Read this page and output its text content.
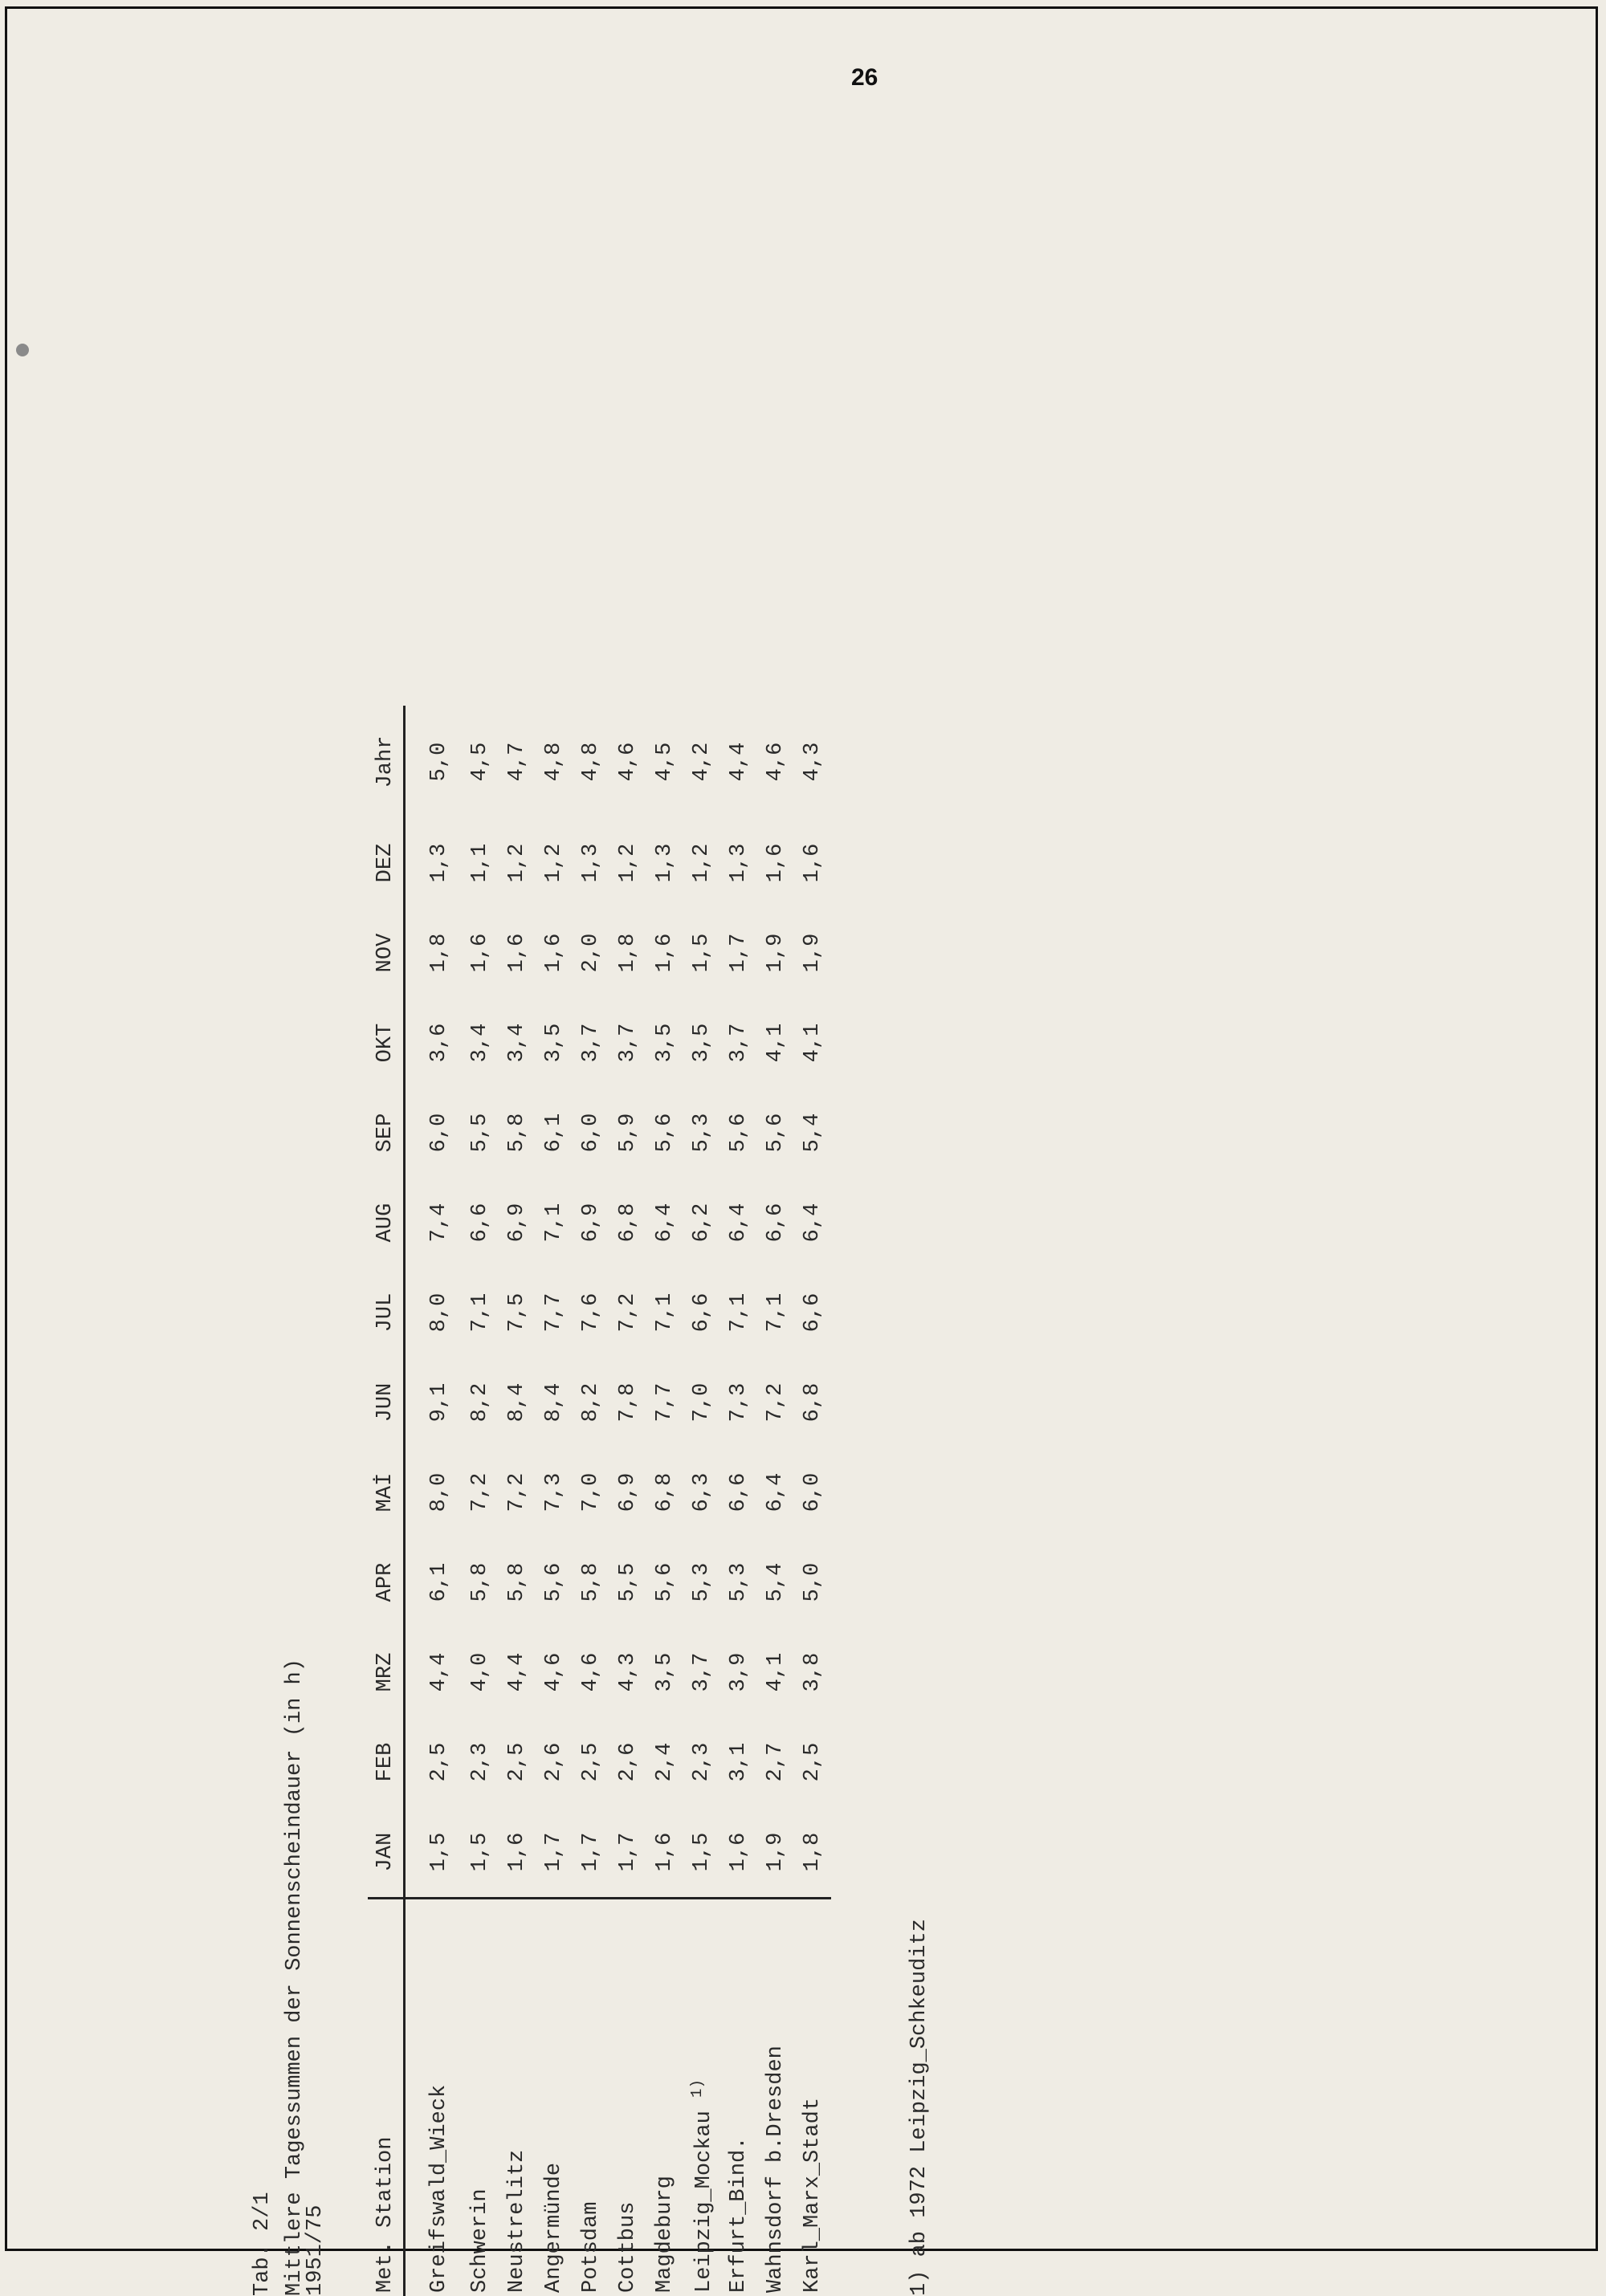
26
Tab. 2/1 Mittlere Tagessummen der Sonnenscheindauer (in h)
1951/75 Met. Station	JAN	FEB	MRZ	APR	MAİ	JUN	JUL	AUG	SEP	OKT	NOV	DEZ	Jahr
Greifswald_Wieck	1,5	2,5	4,4	6,1	8,0	9,1	8,0	7,4	6,0	3,6	1,8	1,3	5,0
Schwerin	1,5	2,3	4,0	5,8	7,2	8,2	7,1	6,6	5,5	3,4	1,6	1,1	4,5
Neustrelitz	1,6	2,5	4,4	5,8	7,2	8,4	7,5	6,9	5,8	3,4	1,6	1,2	4,7
Angermünde	1,7	2,6	4,6	5,6	7,3	8,4	7,7	7,1	6,1	3,5	1,6	1,2	4,8
Potsdam	1,7	2,5	4,6	5,8	7,0	8,2	7,6	6,9	6,0	3,7	2,0	1,3	4,8
Cottbus	1,7	2,6	4,3	5,5	6,9	7,8	7,2	6,8	5,9	3,7	1,8	1,2	4,6
Magdeburg	1,6	2,4	3,5	5,6	6,8	7,7	7,1	6,4	5,6	3,5	1,6	1,3	4,5
Leipzig_Mockau $^{1)}$	1,5	2,3	3,7	5,3	6,3	7,0	6,6	6,2	5,3	3,5	1,5	1,2	4,2
Erfurt_Bind.	1,6	3,1	3,9	5,3	6,6	7,3	7,1	6,4	5,6	3,7	1,7	1,3	4,4
Wahnsdorf b.Dresden	1,9	2,7	4,1	5,4	6,4	7,2	7,1	6,6	5,6	4,1	1,9	1,6	4,6
Karl_Marx_Stadt	1,8	2,5	3,8	5,0	6,0	6,8	6,6	6,4	5,4	4,1	1,9	1,6	4,3
1) ab 1972 Leipzig_Schkeuditz
